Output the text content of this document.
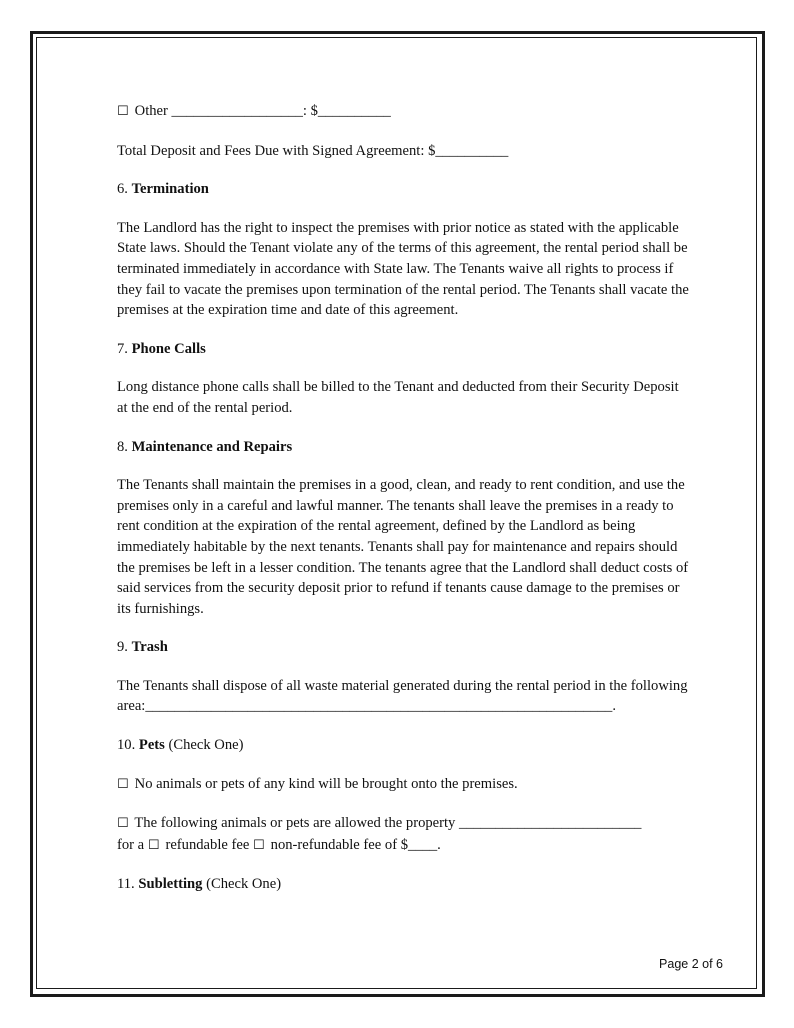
☐ Other __________________: $__________

Total Deposit and Fees Due with Signed Agreement: $__________

6. Termination

The Landlord has the right to inspect the premises with prior notice as stated with the applicable State laws. Should the Tenant violate any of the terms of this agreement, the rental period shall be terminated immediately in accordance with State law. The Tenants waive all rights to process if they fail to vacate the premises upon termination of the rental period. The Tenants shall vacate the premises at the expiration time and date of this agreement.

7. Phone Calls

Long distance phone calls shall be billed to the Tenant and deducted from their Security Deposit at the end of the rental period.

8. Maintenance and Repairs

The Tenants shall maintain the premises in a good, clean, and ready to rent condition, and use the premises only in a careful and lawful manner. The tenants shall leave the premises in a ready to rent condition at the expiration of the rental agreement, defined by the Landlord as being immediately habitable by the next tenants. Tenants shall pay for maintenance and repairs should the premises be left in a lesser condition. The tenants agree that the Landlord shall deduct costs of said services from the security deposit prior to refund if tenants cause damage to the premises or its furnishings.

9. Trash

The Tenants shall dispose of all waste material generated during the rental period in the following area:________________________________________________________________.

10. Pets (Check One)

☐ No animals or pets of any kind will be brought onto the premises.

☐ The following animals or pets are allowed the property _________________________
for a ☐ refundable fee ☐ non-refundable fee of $____.

11. Subletting (Check One)

Page 2 of 6
